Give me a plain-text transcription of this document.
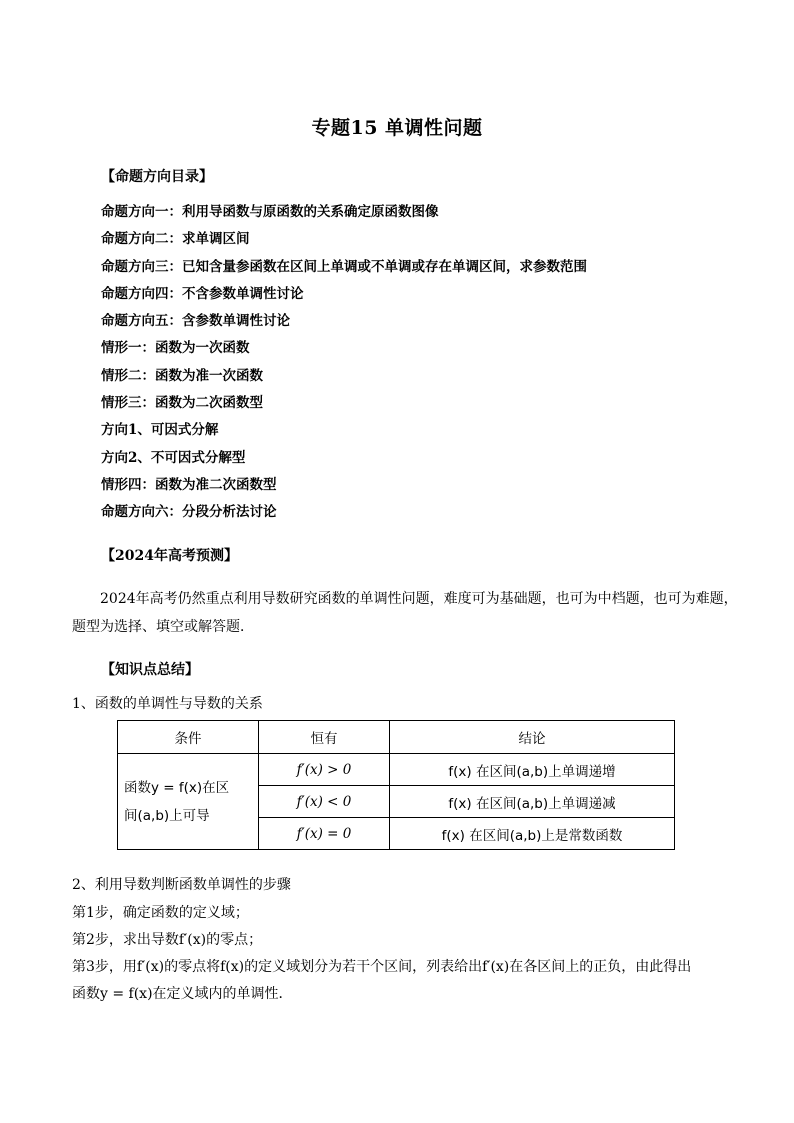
专题15 单调性问题
【命题方向目录】
命题方向一：利用导函数与原函数的关系确定原函数图像
命题方向二：求单调区间
命题方向三：已知含量参函数在区间上单调或不单调或存在单调区间，求参数范围
命题方向四：不含参数单调性讨论
命题方向五：含参数单调性讨论
情形一：函数为一次函数
情形二：函数为准一次函数
情形三：函数为二次函数型
方向1、可因式分解
方向2、不可因式分解型
情形四：函数为准二次函数型
命题方向六：分段分析法讨论
【2024年高考预测】
2024年高考仍然重点利用导数研究函数的单调性问题，难度可为基础题，也可为中档题，也可为难题，题型为选择、填空或解答题．
【知识点总结】
1、函数的单调性与导数的关系
条件	恒有	结论

函数y = f(x)在区
间(a,b)上可导	f′(x) > 0	f(x) 在区间(a,b)上单调递增
	f′(x) < 0	f(x) 在区间(a,b)上单调递减
	f′(x) = 0	f(x) 在区间(a,b)上是常数函数
2、利用导数判断函数单调性的步骤
第1步，确定函数的定义域；
第2步，求出导数f′(x)的零点；
第3步，用f′(x)的零点将f(x)的定义域划分为若干个区间，列表给出f′(x)在各区间上的正负，由此得出
函数y = f(x)在定义域内的单调性．
